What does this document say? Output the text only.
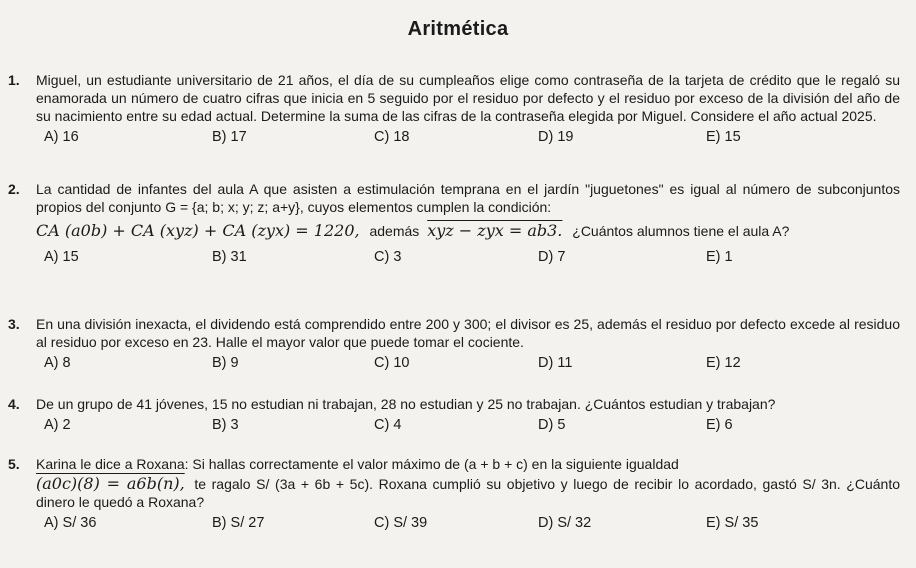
Aritmética
1. Miguel, un estudiante universitario de 21 años, el día de su cumpleaños elige como contraseña de la tarjeta de crédito que le regaló su enamorada un número de cuatro cifras que inicia en 5 seguido por el residuo por defecto y el residuo por exceso de la división del año de su nacimiento entre su edad actual. Determine la suma de las cifras de la contraseña elegida por Miguel. Considere el año actual 2025.
A) 16	B) 17	C) 18	D) 19	E) 15
2. La cantidad de infantes del aula A que asisten a estimulación temprana en el jardín "juguetones" es igual al número de subconjuntos propios del conjunto G = {a; b; x; y; z; a+y}, cuyos elementos cumplen la condición:
CA (a0b) + CA (xyz) + CA (zyx) = 1220, además xyz − zyx = ab3. ¿Cuántos alumnos tiene el aula A?
A) 15	B) 31	C) 3	D) 7	E) 1
3. En una división inexacta, el dividendo está comprendido entre 200 y 300; el divisor es 25, además el residuo por defecto excede al residuo al residuo por exceso en 23. Halle el mayor valor que puede tomar el cociente.
A) 8	B) 9	C) 10	D) 11	E) 12
4. De un grupo de 41 jóvenes, 15 no estudian ni trabajan, 28 no estudian y 25 no trabajan. ¿Cuántos estudian y trabajan?
A) 2	B) 3	C) 4	D) 5	E) 6
5. Karina le dice a Roxana: Si hallas correctamente el valor máximo de (a + b + c) en la siguiente igualdad
(a0c)(8) = a6b(n), te ragalo S/ (3a + 6b + 5c). Roxana cumplió su objetivo y luego de recibir lo acordado, gastó S/ 3n. ¿Cuánto dinero le quedó a Roxana?
A) S/ 36	B) S/ 27	C) S/ 39	D) S/ 32	E) S/ 35
